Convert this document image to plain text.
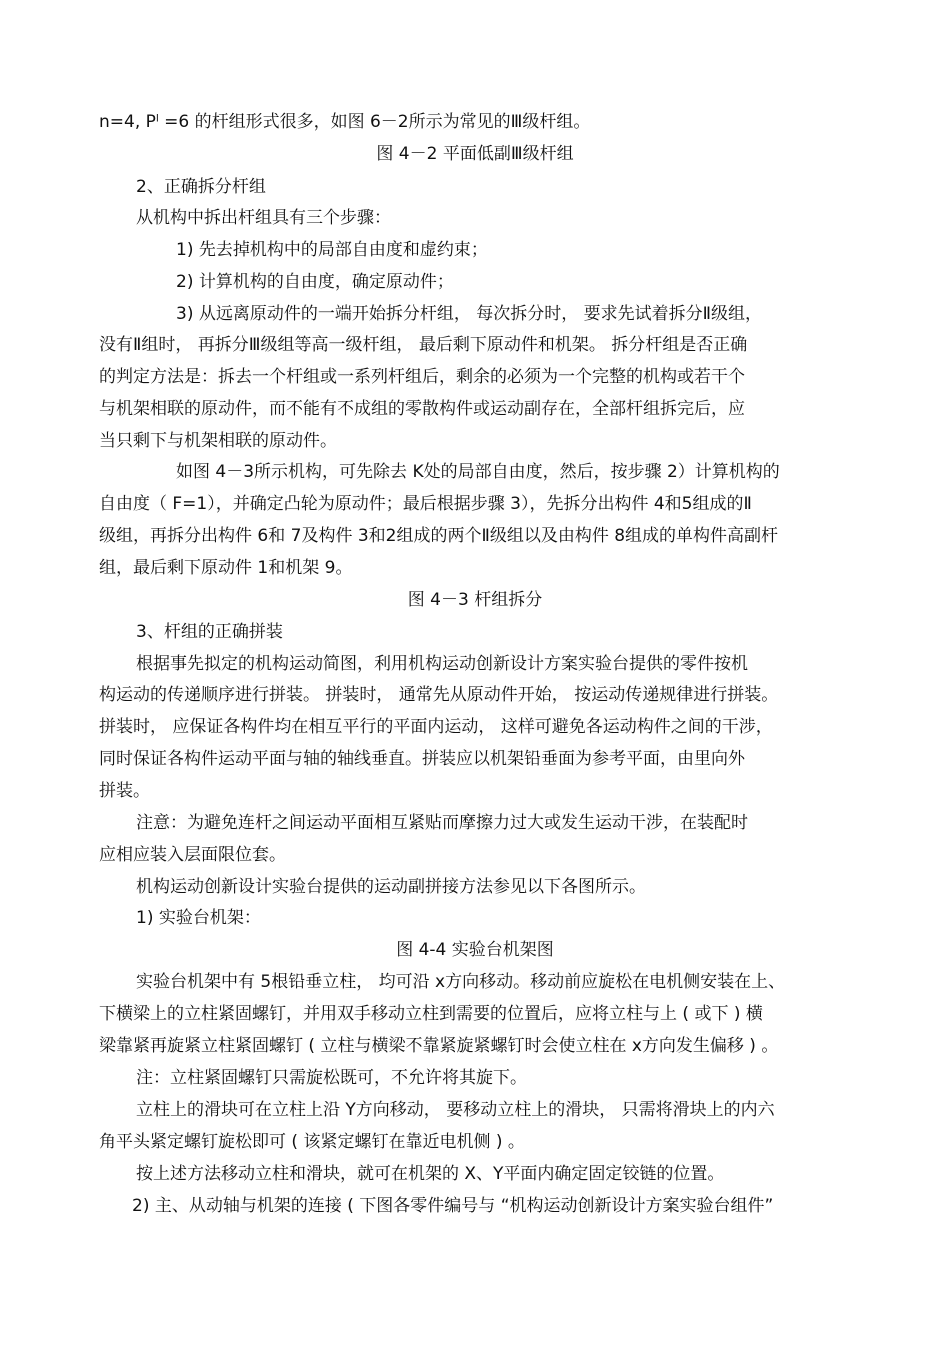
n=4, Pˡ =6 的杆组形式很多，如图 6－2所示为常见的Ⅲ级杆组。

图 4－2 平面低副Ⅲ级杆组

2、正确拆分杆组

从机构中拆出杆组具有三个步骤：

1) 先去掉机构中的局部自由度和虚约束；

2) 计算机构的自由度，确定原动件；

3) 从远离原动件的一端开始拆分杆组， 每次拆分时， 要求先试着拆分Ⅱ级组，

没有Ⅱ组时， 再拆分Ⅲ级组等高一级杆组， 最后剩下原动件和机架。 拆分杆组是否正确

的判定方法是：拆去一个杆组或一系列杆组后，剩余的必须为一个完整的机构或若干个

与机架相联的原动件，而不能有不成组的零散构件或运动副存在，全部杆组拆完后，应

当只剩下与机架相联的原动件。

如图 4－3所示机构，可先除去 K处的局部自由度，然后，按步骤 2）计算机构的

自由度（ F=1），并确定凸轮为原动件；最后根据步骤 3），先拆分出构件 4和5组成的Ⅱ

级组，再拆分出构件 6和 7及构件 3和2组成的两个Ⅱ级组以及由构件 8组成的单构件高副杆

组，最后剩下原动件 1和机架 9。

图 4－3 杆组拆分

3、杆组的正确拼装

根据事先拟定的机构运动简图，利用机构运动创新设计方案实验台提供的零件按机

构运动的传递顺序进行拼装。 拼装时， 通常先从原动件开始， 按运动传递规律进行拼装。

拼装时， 应保证各构件均在相互平行的平面内运动， 这样可避免各运动构件之间的干涉，

同时保证各构件运动平面与轴的轴线垂直。拼装应以机架铅垂面为参考平面，由里向外

拼装。

注意：为避免连杆之间运动平面相互紧贴而摩擦力过大或发生运动干涉，在装配时

应相应装入层面限位套。

机构运动创新设计实验台提供的运动副拼接方法参见以下各图所示。

1) 实验台机架：

图 4-4 实验台机架图

实验台机架中有 5根铅垂立柱， 均可沿 x方向移动。移动前应旋松在电机侧安装在上、

下横梁上的立柱紧固螺钉，并用双手移动立柱到需要的位置后，应将立柱与上 ( 或下 ) 横

梁靠紧再旋紧立柱紧固螺钉 ( 立柱与横梁不靠紧旋紧螺钉时会使立柱在 x方向发生偏移 ) 。

注：立柱紧固螺钉只需旋松既可，不允许将其旋下。

立柱上的滑块可在立柱上沿 Y方向移动， 要移动立柱上的滑块， 只需将滑块上的内六

角平头紧定螺钉旋松即可 ( 该紧定螺钉在靠近电机侧 ) 。

按上述方法移动立柱和滑块，就可在机架的 X、Y平面内确定固定铰链的位置。

2) 主、从动轴与机架的连接 ( 下图各零件编号与 “机构运动创新设计方案实验台组件”
